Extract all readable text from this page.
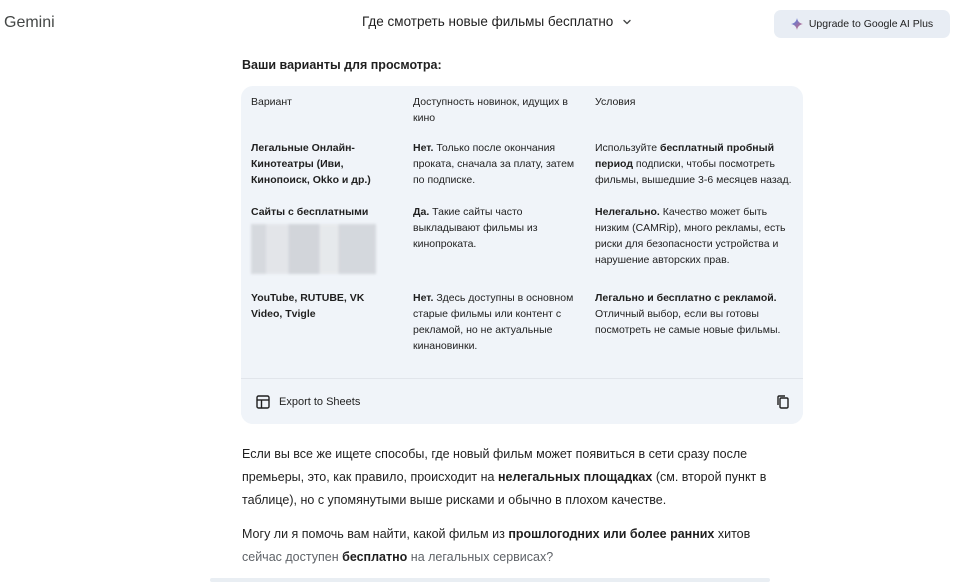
Gemini	Где смотреть новые фильмы бесплатно	Upgrade to Google AI Plus
Ваши варианты для просмотра:
Вариант	Доступность новинок, идущих в кино	Условия
Легальные Онлайн-Кинотеатры (Иви, Кинопоиск, Okko и др.)	Нет. Только после окончания проката, сначала за плату, затем по подписке.	Используйте бесплатный пробный период подписки, чтобы посмотреть фильмы, вышедшие 3-6 месяцев назад.

Сайты с бесплатными	Да. Такие сайты часто выкладывают фильмы из кинопроката.	Нелегально. Качество может быть низким (CAMRip), много рекламы, есть риски для безопасности устройства и нарушение авторских прав.
YouTube, RUTUBE, VK Video, Tvigle	Нет. Здесь доступны в основном старые фильмы или контент с рекламой, но не актуальные кинановинки.	Легально и бесплатно с рекламой. Отличный выбор, если вы готовы посмотреть не самые новые фильмы.
Export to Sheets
Если вы все же ищете способы, где новый фильм может появиться в сети сразу после премьеры, это, как правило, происходит на нелегальных площадках (см. второй пункт в таблице), но с упомянутыми выше рисками и обычно в плохом качестве.
Могу ли я помочь вам найти, какой фильм из прошлогодних или более ранних хитов
сейчас доступен бесплатно на легальных сервисах?
